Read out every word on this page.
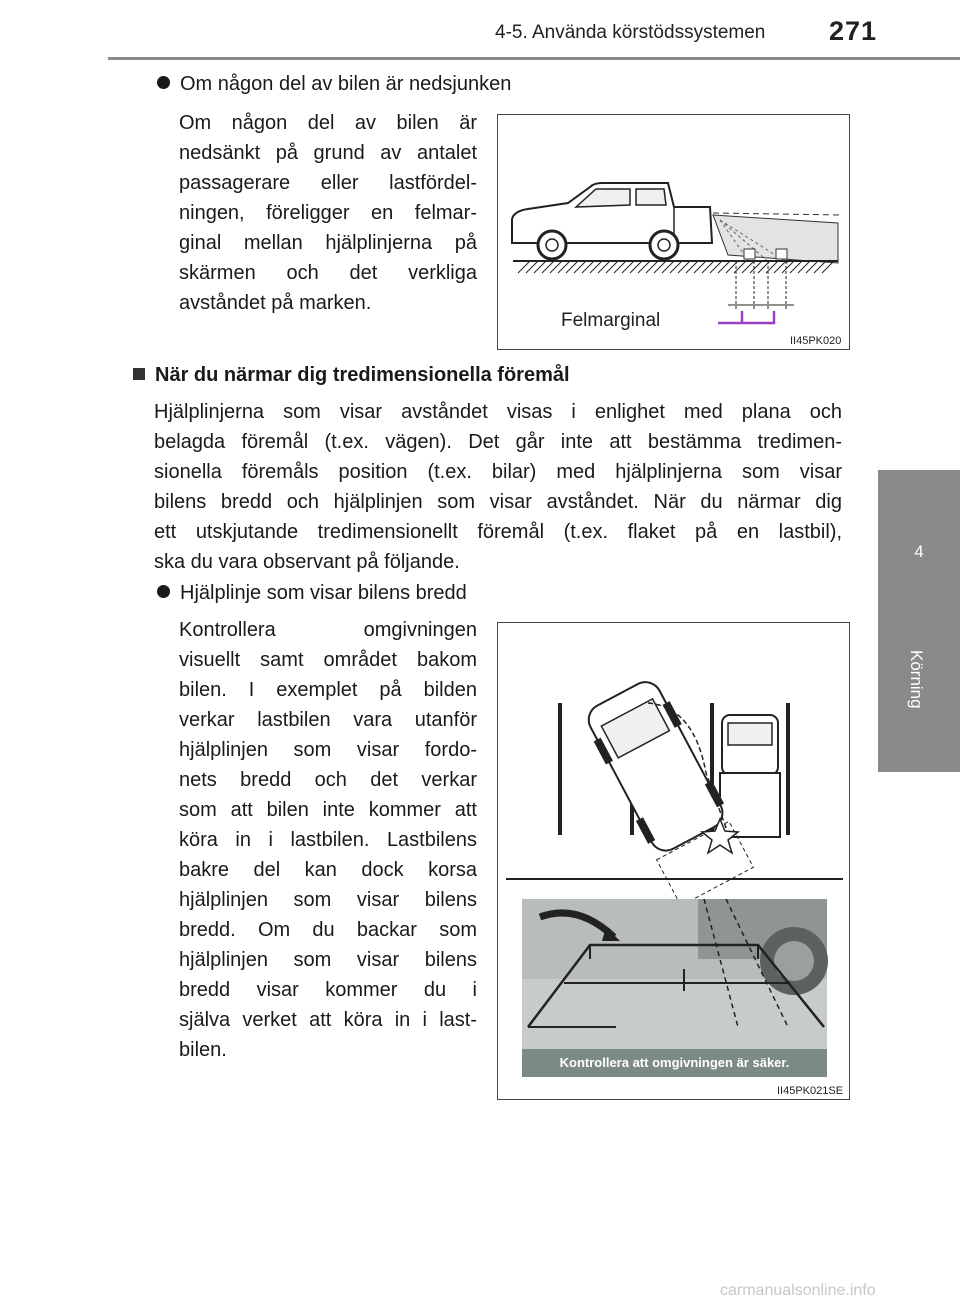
4-5. Använda körstödssystemen 271
4
Körning
Om någon del av bilen är nedsjunken
Om någon del av bilen är
nedsänkt på grund av antalet
passagerare eller lastfördel-
ningen, föreligger en felmar-
ginal mellan hjälplinjerna på
skärmen och det verkliga
avståndet på marken.
Felmarginal
II45PK020
När du närmar dig tredimensionella föremål
Hjälplinjerna som visar avståndet visas i enlighet med plana och
belagda föremål (t.ex. vägen). Det går inte att bestämma tredimen-
sionella föremåls position (t.ex. bilar) med hjälplinjerna som visar
bilens bredd och hjälplinjen som visar avståndet. När du närmar dig
ett utskjutande tredimensionellt föremål (t.ex. flaket på en lastbil),
ska du vara observant på följande.
Hjälplinje som visar bilens bredd
Kontrollera omgivningen
visuellt samt området bakom
bilen. I exemplet på bilden
verkar lastbilen vara utanför
hjälplinjen som visar fordo-
nets bredd och det verkar
som att bilen inte kommer att
köra in i lastbilen. Lastbilens
bakre del kan dock korsa
hjälplinjen som visar bilens
bredd. Om du backar som
hjälplinjen som visar bilens
bredd visar kommer du i
själva verket att köra in i last-
bilen.
Kontrollera att omgivningen är säker.
II45PK021SE
carmanualsonline.info
